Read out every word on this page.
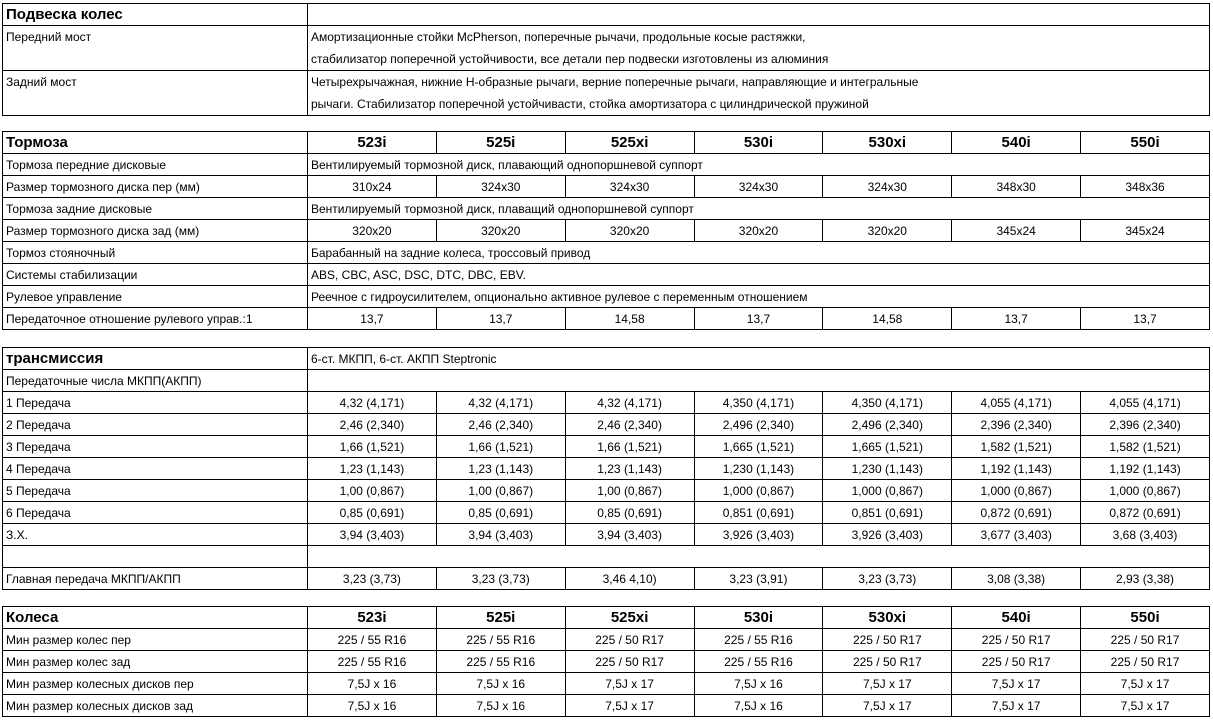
Подвеска колес	
Передний мост	Амортизационные стойки McPherson, поперечные рычачи, продольные косые растяжки,
стабилизатор поперечной устойчивости, все детали пер подвески изготовлены из алюминия

Задний мост	Четырехрычажная, нижние H-образные рычаги, верние поперечные рычаги, направляющие и интегральные
рычаги. Стабилизатор поперечной устойчивасти, стойка амортизатора с цилиндрической пружиной
Тормоза	523i	525i	525xi	530i	530xi	540i	550i
Тормоза передние дисковые	Вентилируемый тормозной диск, плавающий однопоршневой суппорт						
Размер тормозного диска пер (мм)	310x24	324x30	324x30	324x30	324x30	348x30	348x36
Тормоза задние дисковые	Вентилируемый тормозной диск, плаващий однопоршневой суппорт						
Размер тормозного диска зад (мм)	320x20	320x20	320x20	320x20	320x20	345x24	345x24
Тормоз стояночный	Барабанный на задние колеса, троссовый привод						
Системы стабилизации	ABS, CBC, ASC, DSC, DTC, DBC, EBV.						
Рулевое управление	Реечное с гидроусилителем, опционально активное рулевое с переменным отношением						
Передаточное отношение рулевого управ.:1	13,7	13,7	14,58	13,7	14,58	13,7	13,7
трансмиссия	6-ст. МКПП, 6-ст. АКПП Steptronic						
Передаточные числа МКПП(АКПП)							
1 Передача	4,32 (4,171)	4,32 (4,171)	4,32 (4,171)	4,350 (4,171)	4,350 (4,171)	4,055 (4,171)	4,055 (4,171)
2 Передача	2,46 (2,340)	2,46 (2,340)	2,46 (2,340)	2,496 (2,340)	2,496 (2,340)	2,396 (2,340)	2,396 (2,340)
3 Передача	1,66 (1,521)	1,66 (1,521)	1,66 (1,521)	1,665 (1,521)	1,665 (1,521)	1,582 (1,521)	1,582 (1,521)
4 Передача	1,23 (1,143)	1,23 (1,143)	1,23 (1,143)	1,230 (1,143)	1,230 (1,143)	1,192 (1,143)	1,192 (1,143)
5 Передача	1,00 (0,867)	1,00 (0,867)	1,00 (0,867)	1,000 (0,867)	1,000 (0,867)	1,000 (0,867)	1,000 (0,867)
6 Передача	0,85 (0,691)	0,85 (0,691)	0,85 (0,691)	0,851 (0,691)	0,851 (0,691)	0,872 (0,691)	0,872 (0,691)
З.Х.	3,94 (3,403)	3,94 (3,403)	3,94 (3,403)	3,926 (3,403)	3,926 (3,403)	3,677 (3,403)	3,68 (3,403)

Главная передача МКПП/АКПП	3,23 (3,73)	3,23 (3,73)	3,46 4,10)	3,23 (3,91)	3,23 (3,73)	3,08 (3,38)	2,93 (3,38)
Колеса	523i	525i	525xi	530i	530xi	540i	550i
Мин размер колес пер	225 / 55 R16	225 / 55 R16	225 / 50 R17	225 / 55 R16	225 / 50 R17	225 / 50 R17	225 / 50 R17
Мин размер колес зад	225 / 55 R16	225 / 55 R16	225 / 50 R17	225 / 55 R16	225 / 50 R17	225 / 50 R17	225 / 50 R17
Мин размер колесных дисков пер	7,5J x 16	7,5J x 16	7,5J x 17	7,5J x 16	7,5J x 17	7,5J x 17	7,5J x 17
Мин размер колесных дисков зад	7,5J x 16	7,5J x 16	7,5J x 17	7,5J x 16	7,5J x 17	7,5J x 17	7,5J x 17
